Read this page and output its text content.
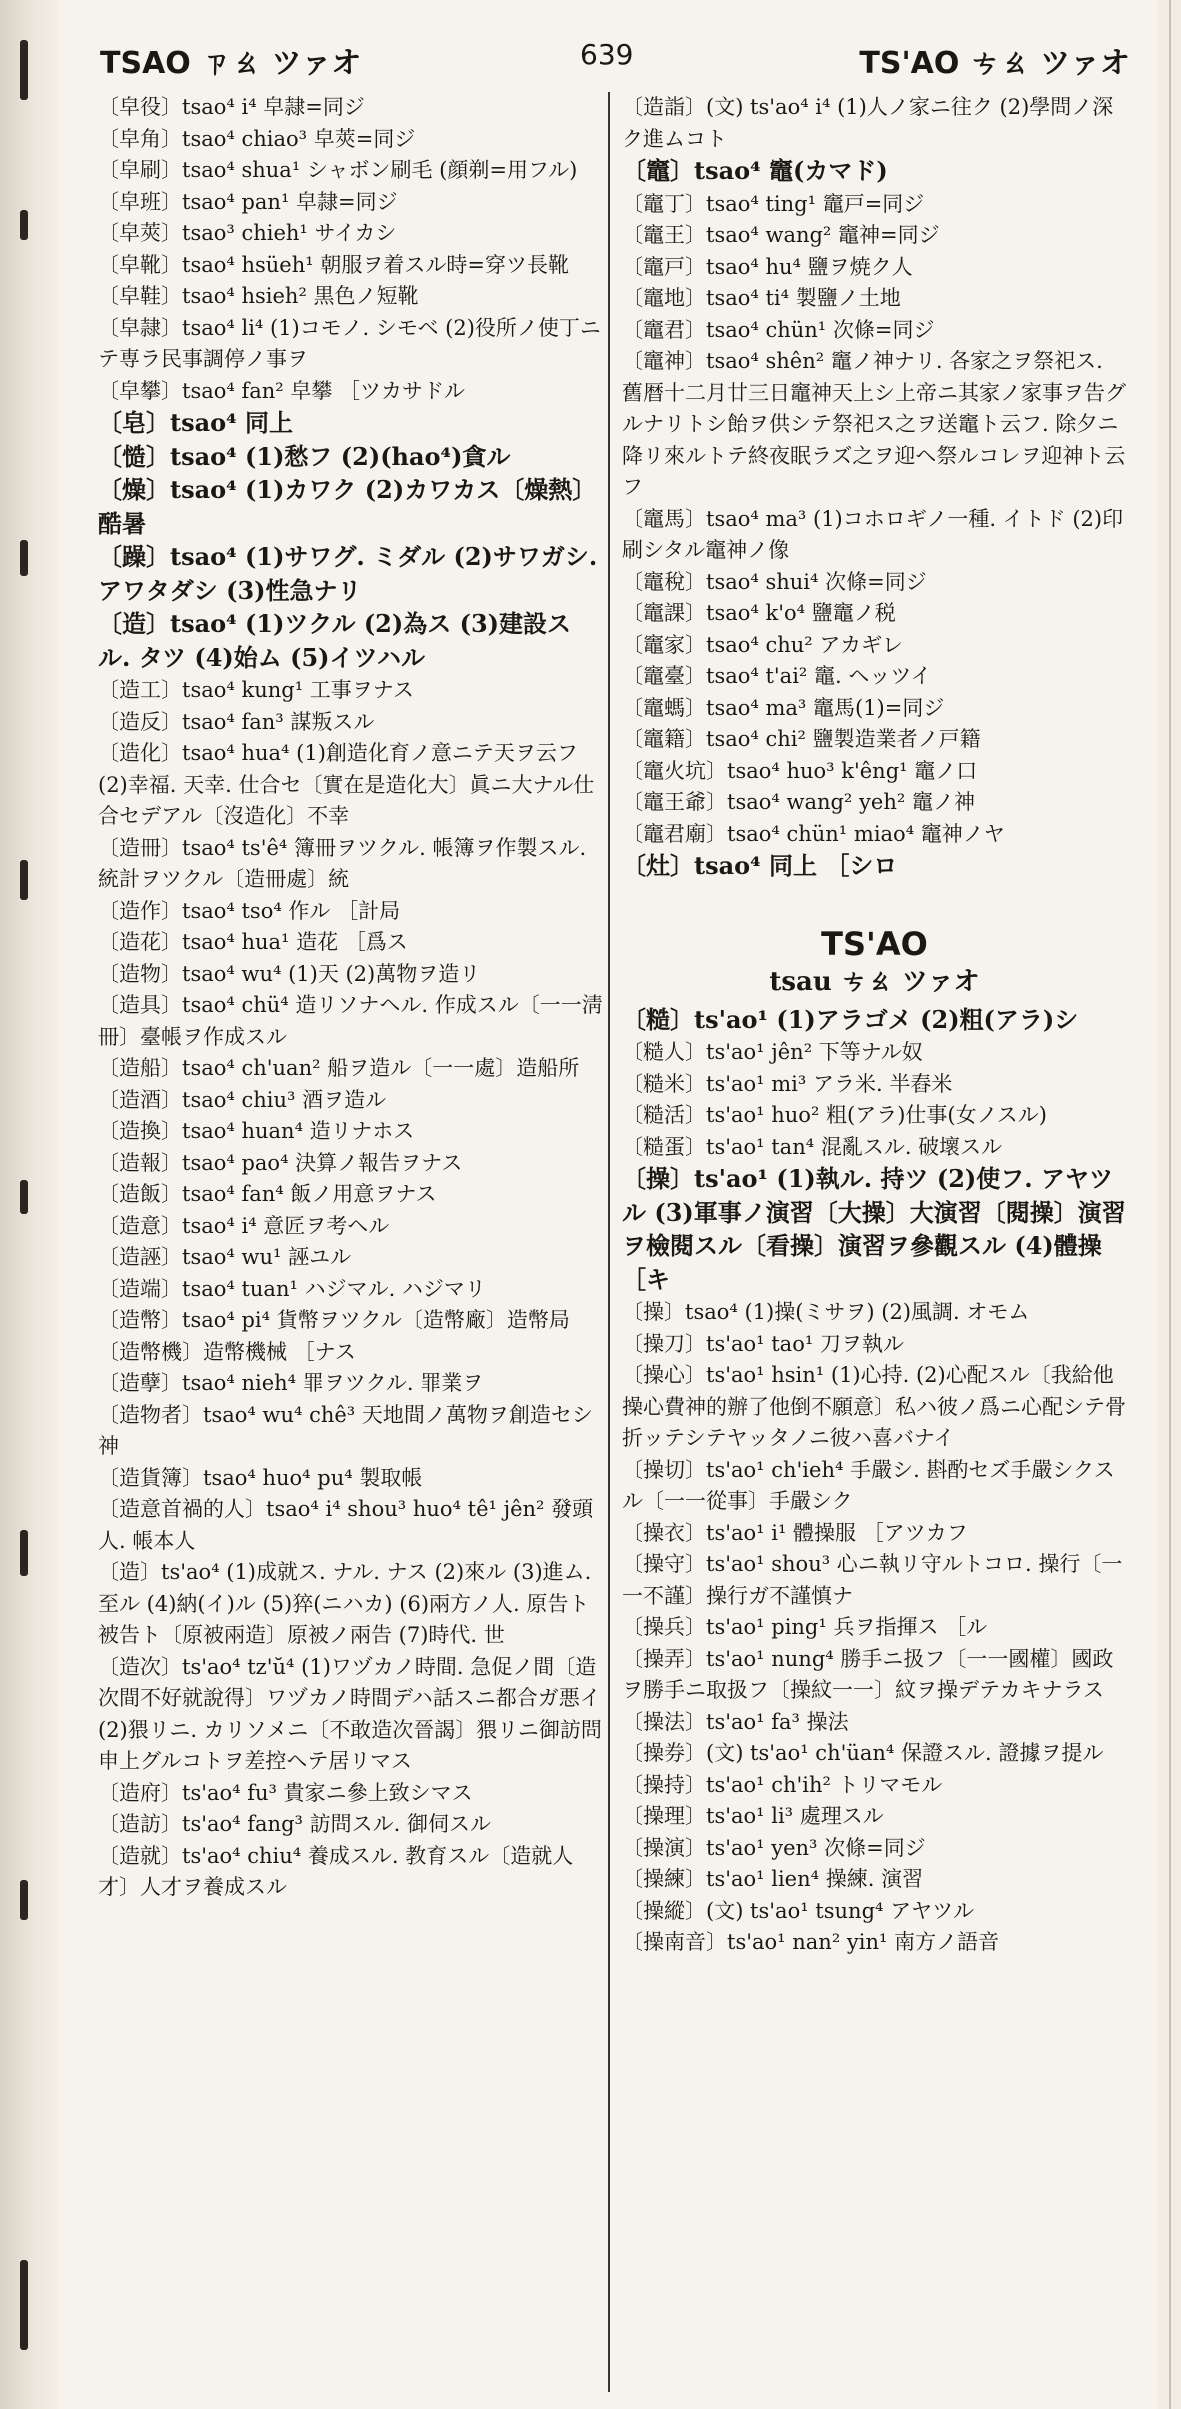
TSAO ㄗㄠ ツァオ	639	TS'AO ㄘㄠ ツァオ

〔皁役〕tsao⁴ i⁴ 皁隷=同ジ

〔皁角〕tsao⁴ chiao³ 皁莢=同ジ

〔皁刷〕tsao⁴ shua¹ シャボン刷毛 (顔剃=用フル)

〔皁班〕tsao⁴ pan¹ 皁隷=同ジ

〔皁莢〕tsao³ chieh¹ サイカシ

〔皁靴〕tsao⁴ hsüeh¹ 朝服ヲ着スル時=穿ツ長靴

〔皁鞋〕tsao⁴ hsieh² 黒色ノ短靴

〔皁隷〕tsao⁴ li⁴ (1)コモノ. シモベ (2)役所ノ使丁ニテ専ラ民事調停ノ事ヲ

〔皁攀〕tsao⁴ fan² 皁攀 ［ツカサドル

〔皂〕tsao⁴ 同上

〔慥〕tsao⁴ (1)愁フ (2)(hao⁴)貪ル

〔燥〕tsao⁴ (1)カワク (2)カワカス〔燥熱〕酷暑

〔躁〕tsao⁴ (1)サワグ. ミダル (2)サワガシ. アワタダシ (3)性急ナリ

〔造〕tsao⁴ (1)ツクル (2)為ス (3)建設スル. タツ (4)始ム (5)イツハル

〔造工〕tsao⁴ kung¹ 工事ヲナス

〔造反〕tsao⁴ fan³ 謀叛スル

〔造化〕tsao⁴ hua⁴ (1)創造化育ノ意ニテ天ヲ云フ (2)幸福. 天幸. 仕合セ〔實在是造化大〕眞ニ大ナル仕合セデアル〔沒造化〕不幸

〔造冊〕tsao⁴ ts'ê⁴ 簿冊ヲツクル. 帳簿ヲ作製スル. 統計ヲツクル〔造冊處〕統

〔造作〕tsao⁴ tso⁴ 作ル ［計局

〔造花〕tsao⁴ hua¹ 造花 ［爲ス

〔造物〕tsao⁴ wu⁴ (1)天 (2)萬物ヲ造リ

〔造具〕tsao⁴ chü⁴ 造リソナヘル. 作成スル〔一一淸冊〕臺帳ヲ作成スル

〔造船〕tsao⁴ ch'uan² 船ヲ造ル〔一一處〕造船所

〔造酒〕tsao⁴ chiu³ 酒ヲ造ル

〔造換〕tsao⁴ huan⁴ 造リナホス

〔造報〕tsao⁴ pao⁴ 決算ノ報告ヲナス

〔造飯〕tsao⁴ fan⁴ 飯ノ用意ヲナス

〔造意〕tsao⁴ i⁴ 意匠ヲ考ヘル

〔造誣〕tsao⁴ wu¹ 誣ユル

〔造端〕tsao⁴ tuan¹ ハジマル. ハジマリ

〔造幣〕tsao⁴ pi⁴ 貨幣ヲツクル〔造幣廠〕造幣局〔造幣機〕造幣機械 ［ナス

〔造孽〕tsao⁴ nieh⁴ 罪ヲツクル. 罪業ヲ

〔造物者〕tsao⁴ wu⁴ chê³ 天地間ノ萬物ヲ創造セシ神

〔造貨簿〕tsao⁴ huo⁴ pu⁴ 製取帳

〔造意首禍的人〕tsao⁴ i⁴ shou³ huo⁴ tê¹ jên² 發頭人. 帳本人

〔造〕ts'ao⁴ (1)成就ス. ナル. ナス (2)來ル (3)進ム. 至ル (4)納(イ)ル (5)猝(ニハカ) (6)兩方ノ人. 原告ト被告ト〔原被兩造〕原被ノ兩告 (7)時代. 世

〔造次〕ts'ao⁴ tz'ŭ⁴ (1)ワヅカノ時間. 急促ノ間〔造次間不好就說得〕ワヅカノ時間デハ話スニ都合ガ悪イ (2)猥リニ. カリソメニ〔不敢造次晉謁〕猥リニ御訪問申上グルコトヲ差控ヘテ居リマス

〔造府〕ts'ao⁴ fu³ 貴家ニ參上致シマス

〔造訪〕ts'ao⁴ fang³ 訪問スル. 御伺スル

〔造就〕ts'ao⁴ chiu⁴ 養成スル. 教育スル〔造就人才〕人才ヲ養成スル

〔造詣〕(文) ts'ao⁴ i⁴ (1)人ノ家ニ往ク (2)學問ノ深ク進ムコト

〔竈〕tsao⁴ 竈(カマド)

〔竈丁〕tsao⁴ ting¹ 竈戸=同ジ

〔竈王〕tsao⁴ wang² 竈神=同ジ

〔竈戸〕tsao⁴ hu⁴ 鹽ヲ焼ク人

〔竈地〕tsao⁴ ti⁴ 製鹽ノ土地

〔竈君〕tsao⁴ chün¹ 次條=同ジ

〔竈神〕tsao⁴ shên² 竈ノ神ナリ. 各家之ヲ祭祀ス. 舊暦十二月廿三日竈神天上シ上帝ニ其家ノ家事ヲ告グルナリトシ飴ヲ供シテ祭祀ス之ヲ送竈ト云フ. 除夕ニ降リ來ルトテ終夜眠ラズ之ヲ迎ヘ祭ルコレヲ迎神ト云フ

〔竈馬〕tsao⁴ ma³ (1)コホロギノ一種. イトド (2)印刷シタル竈神ノ像

〔竈稅〕tsao⁴ shui⁴ 次條=同ジ

〔竈課〕tsao⁴ k'o⁴ 鹽竈ノ税

〔竈家〕tsao⁴ chu² アカギレ

〔竈臺〕tsao⁴ t'ai² 竈. ヘッツイ

〔竈螞〕tsao⁴ ma³ 竈馬(1)=同ジ

〔竈籍〕tsao⁴ chi² 鹽製造業者ノ戸籍

〔竈火坑〕tsao⁴ huo³ k'êng¹ 竈ノ口

〔竈王爺〕tsao⁴ wang² yeh² 竈ノ神

〔竈君廟〕tsao⁴ chün¹ miao⁴ 竈神ノヤ

〔灶〕tsao⁴ 同上 ［シロ

TS'AO
tsau ㄘㄠ ツァオ

〔糙〕ts'ao¹ (1)アラゴメ (2)粗(アラ)シ

〔糙人〕ts'ao¹ jên² 下等ナル奴

〔糙米〕ts'ao¹ mi³ アラ米. 半舂米

〔糙活〕ts'ao¹ huo² 粗(アラ)仕事(女ノスル)

〔糙蛋〕ts'ao¹ tan⁴ 混亂スル. 破壞スル

〔操〕ts'ao¹ (1)執ル. 持ツ (2)使フ. アヤツル (3)軍事ノ演習〔大操〕大演習〔閱操〕演習ヲ檢閱スル〔看操〕演習ヲ參觀スル (4)體操 ［キ

〔操〕tsao⁴ (1)操(ミサヲ) (2)風調. オモム

〔操刀〕ts'ao¹ tao¹ 刀ヲ執ル

〔操心〕ts'ao¹ hsin¹ (1)心持. (2)心配スル〔我給他操心費神的辦了他倒不願意〕私ハ彼ノ爲ニ心配シテ骨折ッテシテヤッタノニ彼ハ喜バナイ

〔操切〕ts'ao¹ ch'ieh⁴ 手嚴シ. 斟酌セズ手嚴シクスル〔一一從事〕手嚴シク

〔操衣〕ts'ao¹ i¹ 體操服 ［アツカフ

〔操守〕ts'ao¹ shou³ 心ニ執リ守ルトコロ. 操行〔一一不謹〕操行ガ不謹慎ナ

〔操兵〕ts'ao¹ ping¹ 兵ヲ指揮ス ［ル

〔操弄〕ts'ao¹ nung⁴ 勝手ニ扱フ〔一一國權〕國政ヲ勝手ニ取扱フ〔操紋一一〕紋ヲ操デテカキナラス

〔操法〕ts'ao¹ fa³ 操法

〔操券〕(文) ts'ao¹ ch'üan⁴ 保證スル. 證據ヲ提ル

〔操持〕ts'ao¹ ch'ih² トリマモル

〔操理〕ts'ao¹ li³ 處理スル

〔操演〕ts'ao¹ yen³ 次條=同ジ

〔操練〕ts'ao¹ lien⁴ 操練. 演習

〔操縱〕(文) ts'ao¹ tsung⁴ アヤツル

〔操南音〕ts'ao¹ nan² yin¹ 南方ノ語音
